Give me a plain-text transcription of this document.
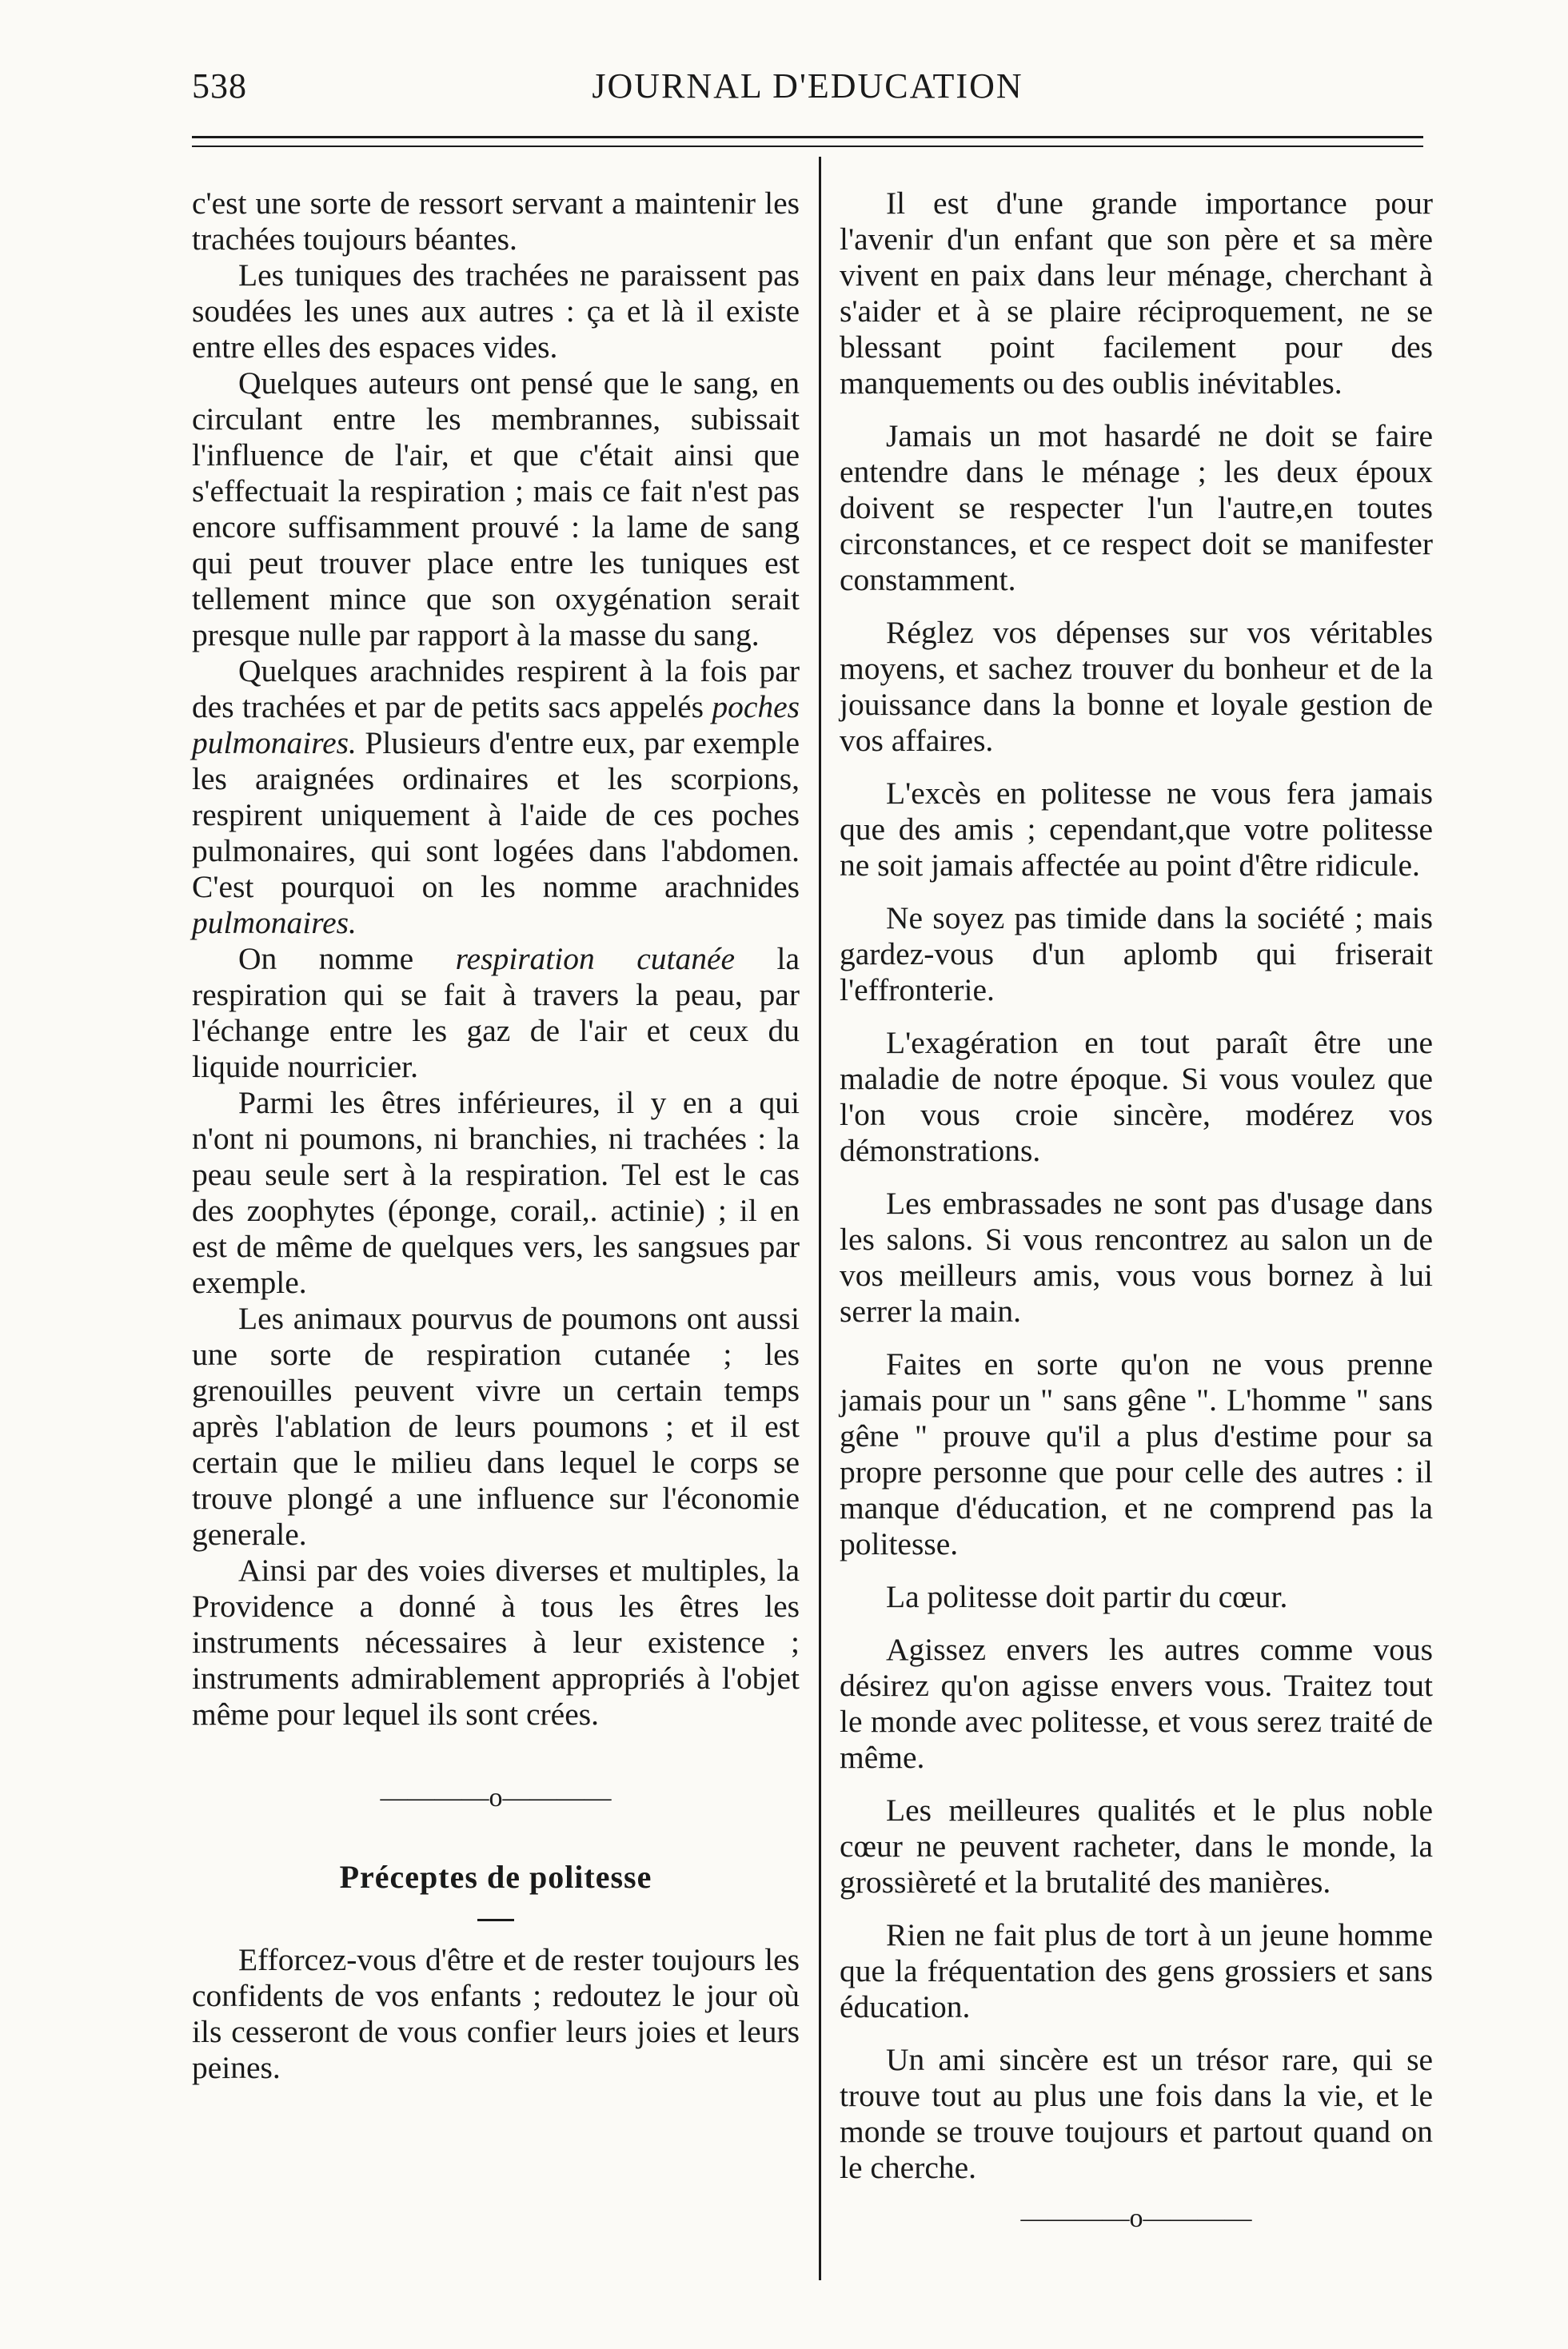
538	JOURNAL D'EDUCATION

c'est une sorte de ressort servant a maintenir les trachées toujours béantes.

Les tuniques des trachées ne paraissent pas soudées les unes aux autres : ça et là il existe entre elles des espaces vides.

Quelques auteurs ont pensé que le sang, en circulant entre les membrannes, subissait l'influence de l'air, et que c'était ainsi que s'effectuait la respiration ; mais ce fait n'est pas encore suffisamment prouvé : la lame de sang qui peut trouver place entre les tuniques est tellement mince que son oxygénation serait presque nulle par rapport à la masse du sang.

Quelques arachnides respirent à la fois par des trachées et par de petits sacs appelés poches pulmonaires. Plusieurs d'entre eux, par exemple les araignées ordinaires et les scorpions, respirent uniquement à l'aide de ces poches pulmonaires, qui sont logées dans l'abdomen. C'est pourquoi on les nomme arachnides pulmonaires.

On nomme respiration cutanée la respiration qui se fait à travers la peau, par l'échange entre les gaz de l'air et ceux du liquide nourricier.

Parmi les êtres inférieures, il y en a qui n'ont ni poumons, ni branchies, ni trachées : la peau seule sert à la respiration. Tel est le cas des zoophytes (éponge, corail,. actinie) ; il en est de même de quelques vers, les sangsues par exemple.

Les animaux pourvus de poumons ont aussi une sorte de respiration cutanée ; les grenouilles peuvent vivre un certain temps après l'ablation de leurs poumons ; et il est certain que le milieu dans lequel le corps se trouve plongé a une influence sur l'économie generale.

Ainsi par des voies diverses et multiples, la Providence a donné à tous les êtres les instruments nécessaires à leur existence ; instruments admirablement appropriés à l'objet même pour lequel ils sont crées.

————o————
Préceptes de politesse

Efforcez-vous d'être et de rester toujours les confidents de vos enfants ; redoutez le jour où ils cesseront de vous confier leurs joies et leurs peines.

Il est d'une grande importance pour l'avenir d'un enfant que son père et sa mère vivent en paix dans leur ménage, cherchant à s'aider et à se plaire réciproquement, ne se blessant point facilement pour des manquements ou des oublis inévitables.

Jamais un mot hasardé ne doit se faire entendre dans le ménage ; les deux époux doivent se respecter l'un l'autre,en toutes circonstances, et ce respect doit se manifester constamment.

Réglez vos dépenses sur vos véritables moyens, et sachez trouver du bonheur et de la jouissance dans la bonne et loyale gestion de vos affaires.

L'excès en politesse ne vous fera jamais que des amis ; cependant,que votre politesse ne soit jamais affectée au point d'être ridicule.

Ne soyez pas timide dans la société ; mais gardez-vous d'un aplomb qui friserait l'effronterie.

L'exagération en tout paraît être une maladie de notre époque. Si vous voulez que l'on vous croie sincère, modérez vos démonstrations.

Les embrassades ne sont pas d'usage dans les salons. Si vous rencontrez au salon un de vos meilleurs amis, vous vous bornez à lui serrer la main.

Faites en sorte qu'on ne vous prenne jamais pour un " sans gêne ". L'homme " sans gêne " prouve qu'il a plus d'estime pour sa propre personne que pour celle des autres : il manque d'éducation, et ne comprend pas la politesse.

La politesse doit partir du cœur.

Agissez envers les autres comme vous désirez qu'on agisse envers vous. Traitez tout le monde avec politesse, et vous serez traité de même.

Les meilleures qualités et le plus noble cœur ne peuvent racheter, dans le monde, la grossièreté et la brutalité des manières.

Rien ne fait plus de tort à un jeune homme que la fréquentation des gens grossiers et sans éducation.

Un ami sincère est un trésor rare, qui se trouve tout au plus une fois dans la vie, et le monde se trouve toujours et partout quand on le cherche.

————o————
